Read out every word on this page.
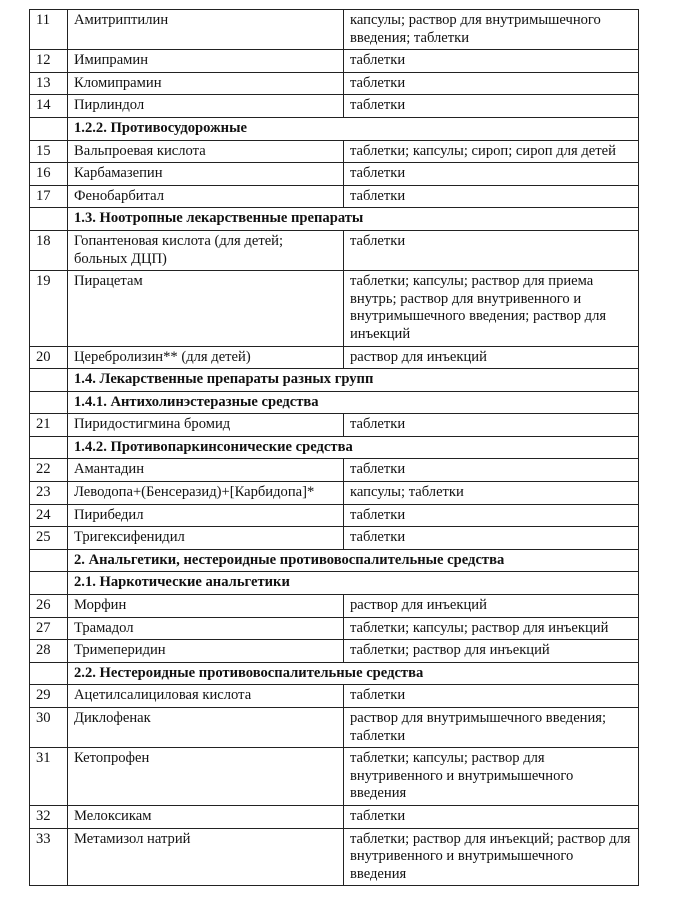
11	Амитриптилин	капсулы; раствор для внутримышечного введения; таблетки
12	Имипрамин	таблетки
13	Кломипрамин	таблетки
14	Пирлиндол	таблетки
	1.2.2. Противосудорожные	
15	Вальпроевая кислота	таблетки; капсулы; сироп; сироп для детей
16	Карбамазепин	таблетки
17	Фенобарбитал	таблетки
	1.3. Ноотропные лекарственные препараты	
18	Гопантеновая кислота (для детей; больных ДЦП)	таблетки
19	Пирацетам	таблетки; капсулы; раствор для приема внутрь; раствор для внутривенного и внутримышечного введения; раствор для инъекций
20	Церебролизин** (для детей)	раствор для инъекций
	1.4. Лекарственные препараты разных групп	
	1.4.1. Антихолинэстеразные средства	
21	Пиридостигмина бромид	таблетки
	1.4.2. Противопаркинсонические средства	
22	Амантадин	таблетки
23	Леводопа+(Бенсеразид)+[Карбидопа]*	капсулы; таблетки
24	Пирибедил	таблетки
25	Тригексифенидил	таблетки
	2. Анальгетики, нестероидные противовоспалительные средства	
	2.1. Наркотические анальгетики	
26	Морфин	раствор для инъекций
27	Трамадол	таблетки; капсулы; раствор для инъекций
28	Тримеперидин	таблетки; раствор для инъекций
	2.2. Нестероидные противовоспалительные средства	
29	Ацетилсалициловая кислота	таблетки
30	Диклофенак	раствор для внутримышечного введения; таблетки
31	Кетопрофен	таблетки; капсулы; раствор для внутривенного и внутримышечного введения
32	Мелоксикам	таблетки
33	Метамизол натрий	таблетки; раствор для инъекций; раствор для внутривенного и внутримышечного введения
